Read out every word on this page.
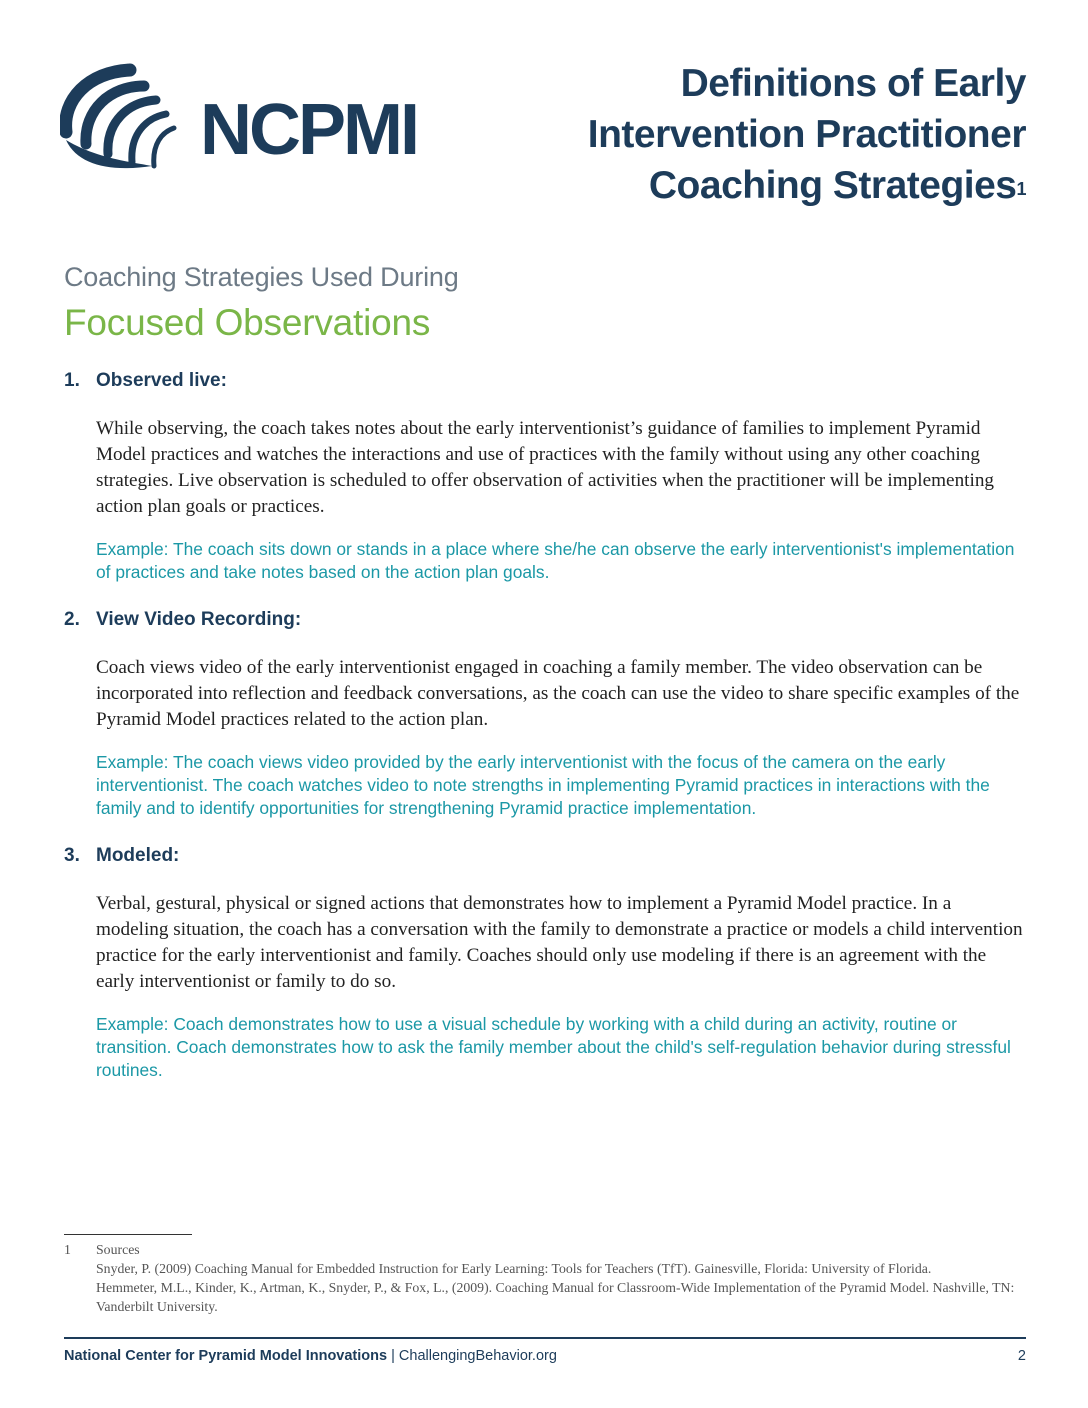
NCPMI
Definitions of Early
Intervention Practitioner
Coaching Strategies$^1$
Coaching Strategies Used During
Focused Observations
1. Observed live:
While observing, the coach takes notes about the early interventionist’s guidance of families to implement Pyramid Model practices and watches the interactions and use of practices with the family without using any other coaching strategies. Live observation is scheduled to offer observation of activities when the practitioner will be implementing action plan goals or practices.
Example: The coach sits down or stands in a place where she/he can observe the early interventionist's implementation of practices and take notes based on the action plan goals.
2. View Video Recording:
Coach views video of the early interventionist engaged in coaching a family member. The video observation can be incorporated into reflection and feedback conversations, as the coach can use the video to share specific examples of the Pyramid Model practices related to the action plan.
Example: The coach views video provided by the early interventionist with the focus of the camera on the early interventionist. The coach watches video to note strengths in implementing Pyramid practices in interactions with the family and to identify opportunities for strengthening Pyramid practice implementation.
3. Modeled:
Verbal, gestural, physical or signed actions that demonstrates how to implement a Pyramid Model practice. In a modeling situation, the coach has a conversation with the family to demonstrate a practice or models a child intervention practice for the early interventionist and family. Coaches should only use modeling if there is an agreement with the early interventionist or family to do so.
Example: Coach demonstrates how to use a visual schedule by working with a child during an activity, routine or transition. Coach demonstrates how to ask the family member about the child's self-regulation behavior during stressful routines.
1 Sources
Snyder, P. (2009) Coaching Manual for Embedded Instruction for Early Learning: Tools for Teachers (TfT). Gainesville, Florida: University of Florida.
Hemmeter, M.L., Kinder, K., Artman, K., Snyder, P., & Fox, L., (2009). Coaching Manual for Classroom-Wide Implementation of the Pyramid Model. Nashville, TN: Vanderbilt University.
National Center for Pyramid Model Innovations | ChallengingBehavior.org	2
